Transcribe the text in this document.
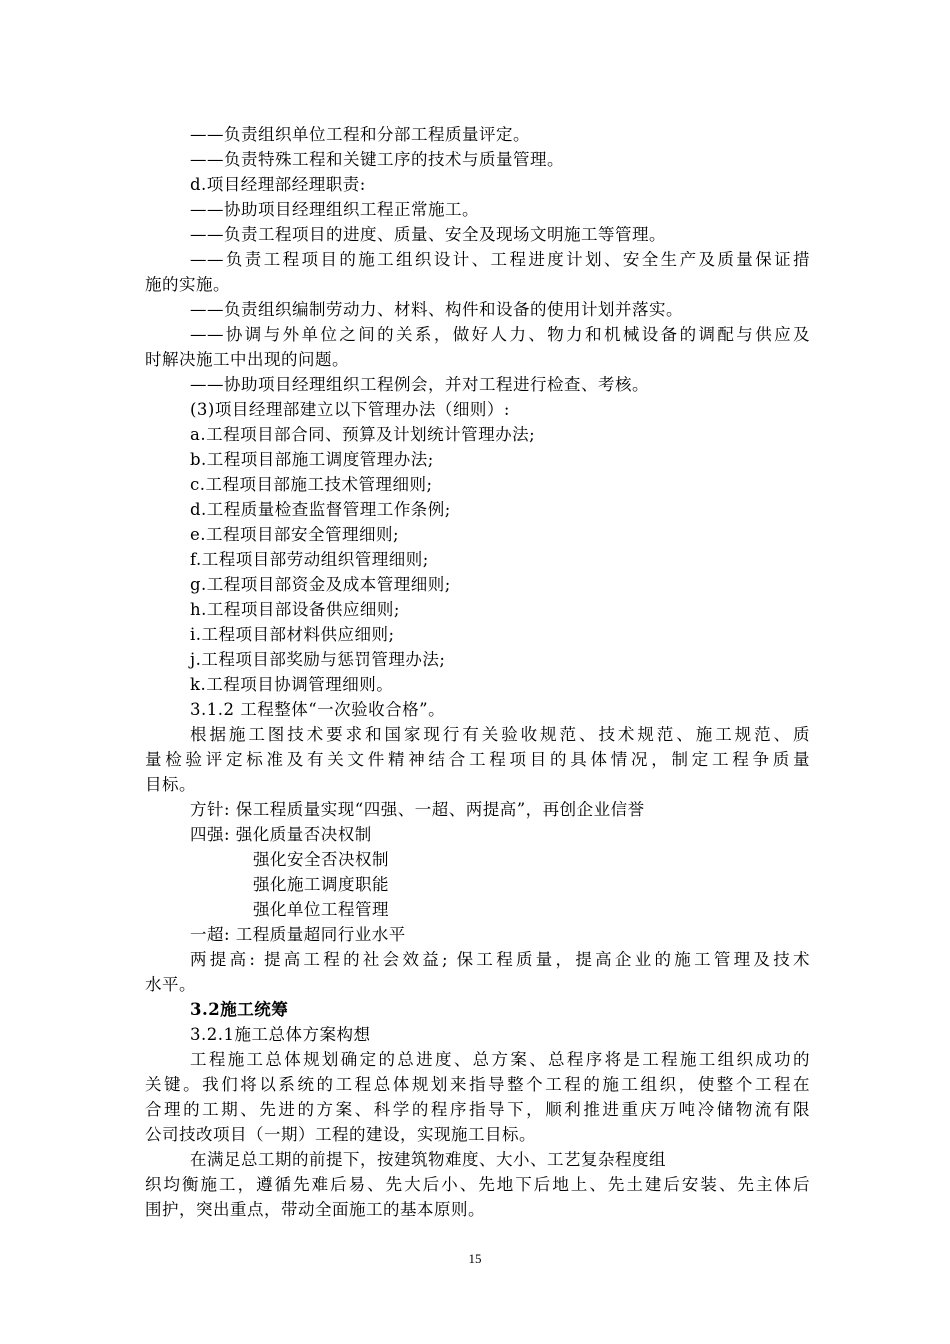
——负责组织单位工程和分部工程质量评定。
——负责特殊工程和关键工序的技术与质量管理。
d.项目经理部经理职责:
——协助项目经理组织工程正常施工。
——负责工程项目的进度、质量、安全及现场文明施工等管理。
——负责工程项目的施工组织设计、工程进度计划、安全生产及质量保证措
施的实施。
——负责组织编制劳动力、材料、构件和设备的使用计划并落实。
——协调与外单位之间的关系，做好人力、物力和机械设备的调配与供应及
时解决施工中出现的问题。
——协助项目经理组织工程例会，并对工程进行检查、考核。
(3)项目经理部建立以下管理办法（细则）:
a.工程项目部合同、预算及计划统计管理办法;
b.工程项目部施工调度管理办法;
c.工程项目部施工技术管理细则;
d.工程质量检查监督管理工作条例;
e.工程项目部安全管理细则;
f.工程项目部劳动组织管理细则;
g.工程项目部资金及成本管理细则;
h.工程项目部设备供应细则;
i.工程项目部材料供应细则;
j.工程项目部奖励与惩罚管理办法;
k.工程项目协调管理细则。
3.1.2 工程整体“一次验收合格”。
根据施工图技术要求和国家现行有关验收规范、技术规范、施工规范、质
量检验评定标准及有关文件精神结合工程项目的具体情况，制定工程争质量
目标。
方针: 保工程质量实现“四强、一超、两提高”，再创企业信誉
四强: 强化质量否决权制
强化安全否决权制
强化施工调度职能
强化单位工程管理
一超: 工程质量超同行业水平
两提高: 提高工程的社会效益; 保工程质量，提高企业的施工管理及技术
水平。
3.2施工统筹
3.2.1施工总体方案构想
工程施工总体规划确定的总进度、总方案、总程序将是工程施工组织成功的
关键。我们将以系统的工程总体规划来指导整个工程的施工组织，使整个工程在
合理的工期、先进的方案、科学的程序指导下，顺利推进重庆万吨冷储物流有限
公司技改项目（一期）工程的建设，实现施工目标。
在满足总工期的前提下，按建筑物难度、大小、工艺复杂程度组
织均衡施工，遵循先难后易、先大后小、先地下后地上、先土建后安装、先主体后
围护，突出重点，带动全面施工的基本原则。
15
